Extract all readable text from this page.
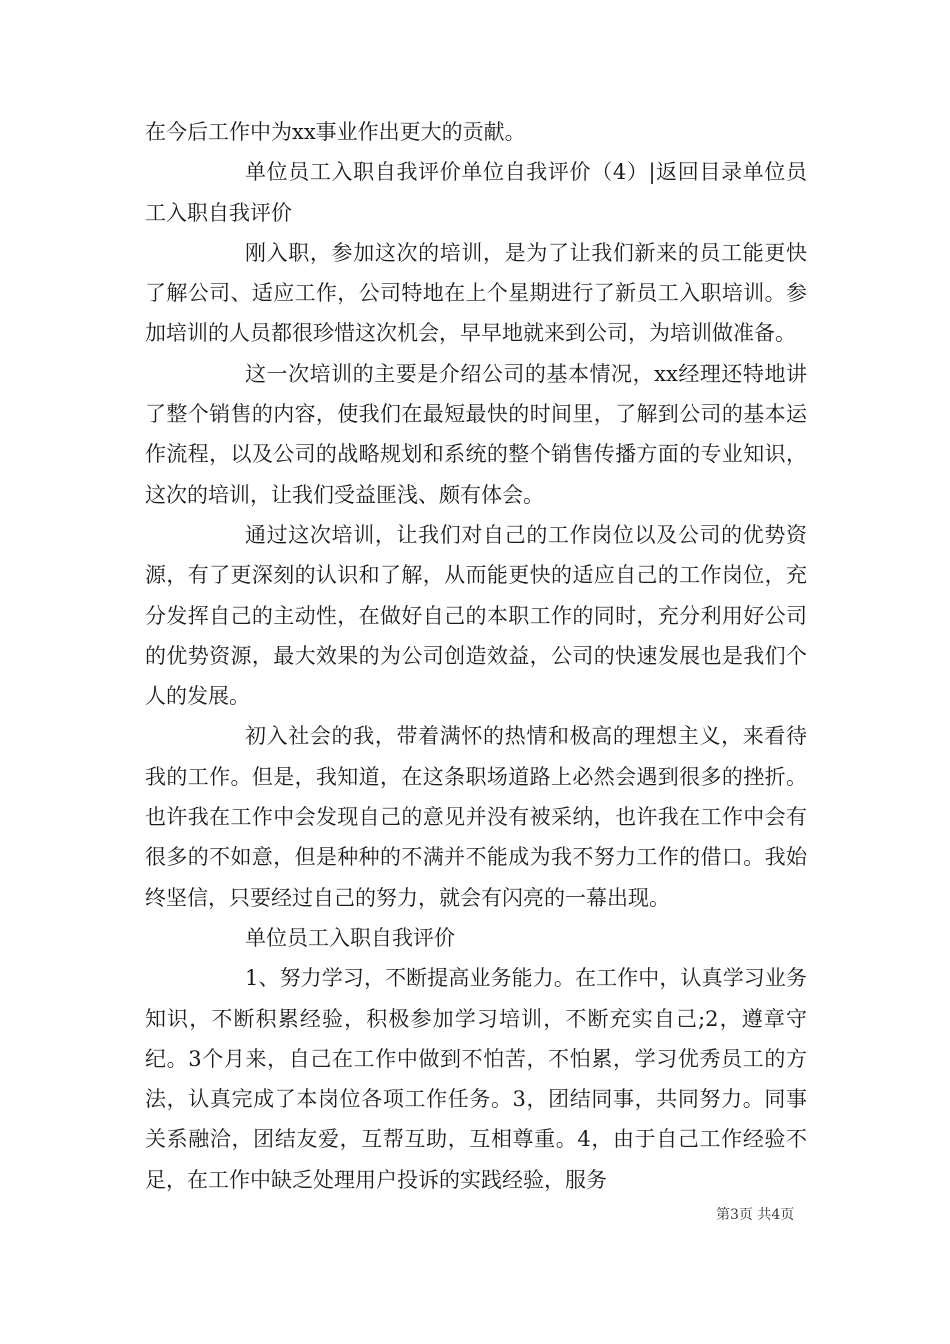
在今后工作中为xx事业作出更大的贡献。

单位员工入职自我评价单位自我评价（4）|返回目录单位员工入职自我评价

刚入职，参加这次的培训，是为了让我们新来的员工能更快了解公司、适应工作，公司特地在上个星期进行了新员工入职培训。参加培训的人员都很珍惜这次机会，早早地就来到公司，为培训做准备。

这一次培训的主要是介绍公司的基本情况，xx经理还特地讲了整个销售的内容，使我们在最短最快的时间里，了解到公司的基本运作流程，以及公司的战略规划和系统的整个销售传播方面的专业知识，这次的培训，让我们受益匪浅、颇有体会。

通过这次培训，让我们对自己的工作岗位以及公司的优势资源，有了更深刻的认识和了解，从而能更快的适应自己的工作岗位，充分发挥自己的主动性，在做好自己的本职工作的同时，充分利用好公司的优势资源，最大效果的为公司创造效益，公司的快速发展也是我们个人的发展。

初入社会的我，带着满怀的热情和极高的理想主义，来看待我的工作。但是，我知道，在这条职场道路上必然会遇到很多的挫折。也许我在工作中会发现自己的意见并没有被采纳，也许我在工作中会有很多的不如意，但是种种的不满并不能成为我不努力工作的借口。我始终坚信，只要经过自己的努力，就会有闪亮的一幕出现。

单位员工入职自我评价

1、努力学习，不断提高业务能力。在工作中，认真学习业务知识，不断积累经验，积极参加学习培训，不断充实自己;2，遵章守纪。3个月来，自己在工作中做到不怕苦，不怕累，学习优秀员工的方法，认真完成了本岗位各项工作任务。3，团结同事，共同努力。同事关系融洽，团结友爱，互帮互助，互相尊重。4，由于自己工作经验不足，在工作中缺乏处理用户投诉的实践经验，服务

第3页 共4页
